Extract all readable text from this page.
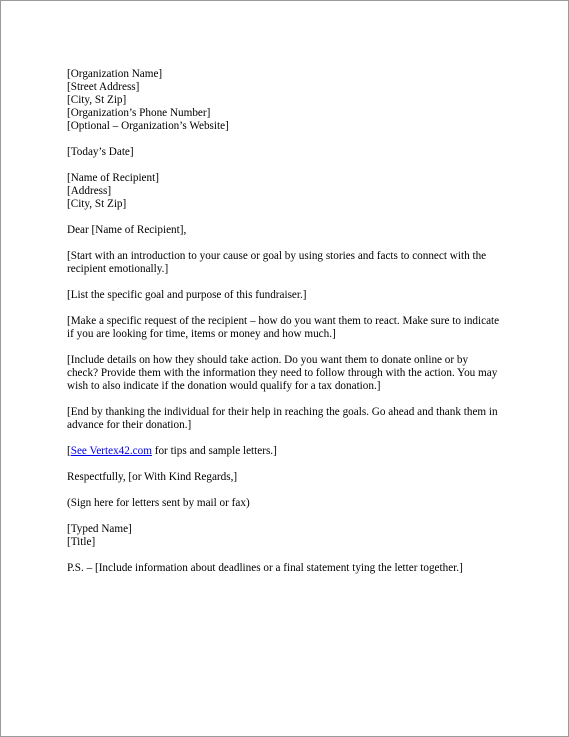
[Organization Name]
[Street Address]
[City, St Zip]
[Organization’s Phone Number]
[Optional – Organization’s Website]
[Today’s Date]
[Name of Recipient]
[Address]
[City, St Zip]
Dear [Name of Recipient],
[Start with an introduction to your cause or goal by using stories and facts to connect with the
recipient emotionally.]
[List the specific goal and purpose of this fundraiser.]
[Make a specific request of the recipient – how do you want them to react. Make sure to indicate
if you are looking for time, items or money and how much.]
[Include details on how they should take action. Do you want them to donate online or by
check? Provide them with the information they need to follow through with the action. You may
wish to also indicate if the donation would qualify for a tax donation.]
[End by thanking the individual for their help in reaching the goals. Go ahead and thank them in
advance for their donation.]
[See Vertex42.com for tips and sample letters.]
Respectfully, [or With Kind Regards,]
(Sign here for letters sent by mail or fax)
[Typed Name]
[Title]
P.S. – [Include information about deadlines or a final statement tying the letter together.]
